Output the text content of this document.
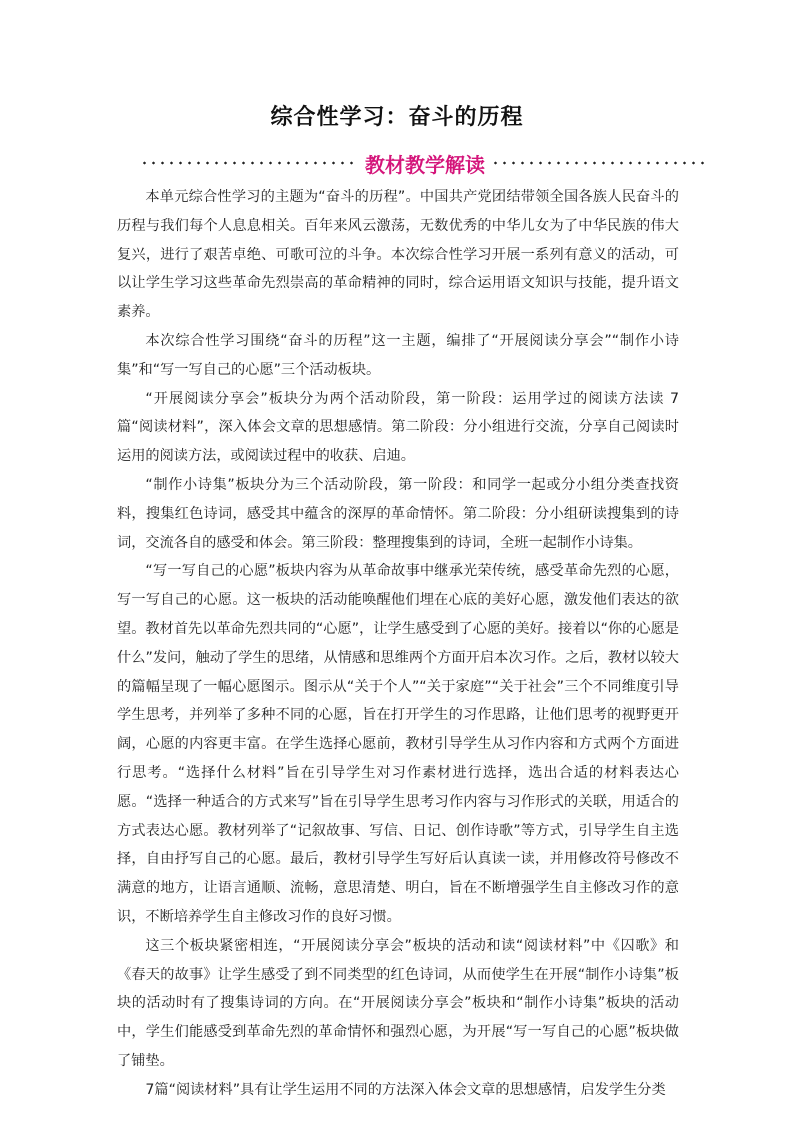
综合性学习：奋斗的历程
教材教学解读

本单元综合性学习的主题为“奋斗的历程”。中国共产党团结带领全国各族人民奋斗的历程与我们每个人息息相关。百年来风云激荡，无数优秀的中华儿女为了中华民族的伟大复兴，进行了艰苦卓绝、可歌可泣的斗争。本次综合性学习开展一系列有意义的活动，可以让学生学习这些革命先烈崇高的革命精神的同时，综合运用语文知识与技能，提升语文素养。

本次综合性学习围绕“奋斗的历程”这一主题，编排了“开展阅读分享会”“制作小诗集”和“写一写自己的心愿”三个活动板块。

“开展阅读分享会”板块分为两个活动阶段，第一阶段：运用学过的阅读方法读 7 篇“阅读材料”，深入体会文章的思想感情。第二阶段：分小组进行交流，分享自己阅读时运用的阅读方法，或阅读过程中的收获、启迪。

“制作小诗集”板块分为三个活动阶段，第一阶段：和同学一起或分小组分类查找资料，搜集红色诗词，感受其中蕴含的深厚的革命情怀。第二阶段：分小组研读搜集到的诗词，交流各自的感受和体会。第三阶段：整理搜集到的诗词，全班一起制作小诗集。

“写一写自己的心愿”板块内容为从革命故事中继承光荣传统，感受革命先烈的心愿，写一写自己的心愿。这一板块的活动能唤醒他们埋在心底的美好心愿，激发他们表达的欲望。教材首先以革命先烈共同的“心愿”，让学生感受到了心愿的美好。接着以“你的心愿是什么”发问，触动了学生的思绪，从情感和思维两个方面开启本次习作。之后，教材以较大的篇幅呈现了一幅心愿图示。图示从“关于个人”“关于家庭”“关于社会”三个不同维度引导学生思考，并列举了多种不同的心愿，旨在打开学生的习作思路，让他们思考的视野更开阔，心愿的内容更丰富。在学生选择心愿前，教材引导学生从习作内容和方式两个方面进行思考。“选择什么材料”旨在引导学生对习作素材进行选择，选出合适的材料表达心愿。“选择一种适合的方式来写”旨在引导学生思考习作内容与习作形式的关联，用适合的方式表达心愿。教材列举了“记叙故事、写信、日记、创作诗歌”等方式，引导学生自主选择，自由抒写自己的心愿。最后，教材引导学生写好后认真读一读，并用修改符号修改不满意的地方，让语言通顺、流畅，意思清楚、明白，旨在不断增强学生自主修改习作的意识，不断培养学生自主修改习作的良好习惯。

这三个板块紧密相连，“开展阅读分享会”板块的活动和读“阅读材料”中《囚歌》和《春天的故事》让学生感受了到不同类型的红色诗词，从而使学生在开展“制作小诗集”板块的活动时有了搜集诗词的方向。在“开展阅读分享会”板块和“制作小诗集”板块的活动中，学生们能感受到革命先烈的革命情怀和强烈心愿，为开展“写一写自己的心愿”板块做了铺垫。

7篇“阅读材料”具有让学生运用不同的方法深入体会文章的思想感情，启发学生分类
